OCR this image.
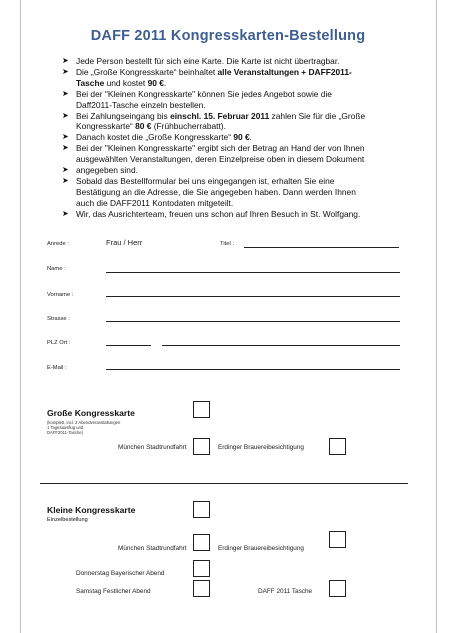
DAFF 2011 Kongresskarten-Bestellung
➤ Jede Person bestellt für sich eine Karte. Die Karte ist nicht übertragbar.
➤ Die „Große Kongresskarte“ beinhaltet alle Veranstaltungen + DAFF2011-
Tasche und kostet 90 €.
➤ Bei der "Kleinen Kongresskarte" können Sie jedes Angebot sowie die
Daff2011-Tasche einzeln bestellen.
➤ Bei Zahlungseingang bis einschl. 15. Februar 2011 zahlen Sie für die „Große
Kongresskarte“ 80 € (Frühbucherrabatt).
➤ Danach kostet die „Große Kongresskarte“ 90 €.
➤ Bei der "Kleinen Kongresskarte" ergibt sich der Betrag an Hand der von Ihnen
ausgewählten Veranstaltungen, deren Einzelpreise oben in diesem Dokument
➤ angegeben sind.
➤ Sobald das Bestellformular bei uns eingegangen ist, erhalten Sie eine
Bestätigung an die Adresse, die Sie angegeben haben. Dann werden Ihnen
auch die DAFF2011 Kontodaten mitgeteilt.
➤ Wir, das Ausrichterteam, freuen uns schon auf Ihren Besuch in St. Wolfgang.
Anrede :	Frau / Herr	Titel :
Name :
Vorname :
Strasse :
PLZ Ort :
E-Mail :
Große Kongresskarte
(komplett, incl. 2 Abendveranstaltungen
1 Tagesausflug und
DAFF2011-Tasche)
München Stadtrundfahrt	Erdinger Brauereibesichtigung
Kleine Kongresskarte
Einzelbestellung
München Stadtrundfahrt	Erdinger Brauereibesichtigung
Donnerstag Bayerischer Abend
Samstag Festlicher Abend	DAFF 2011 Tasche
